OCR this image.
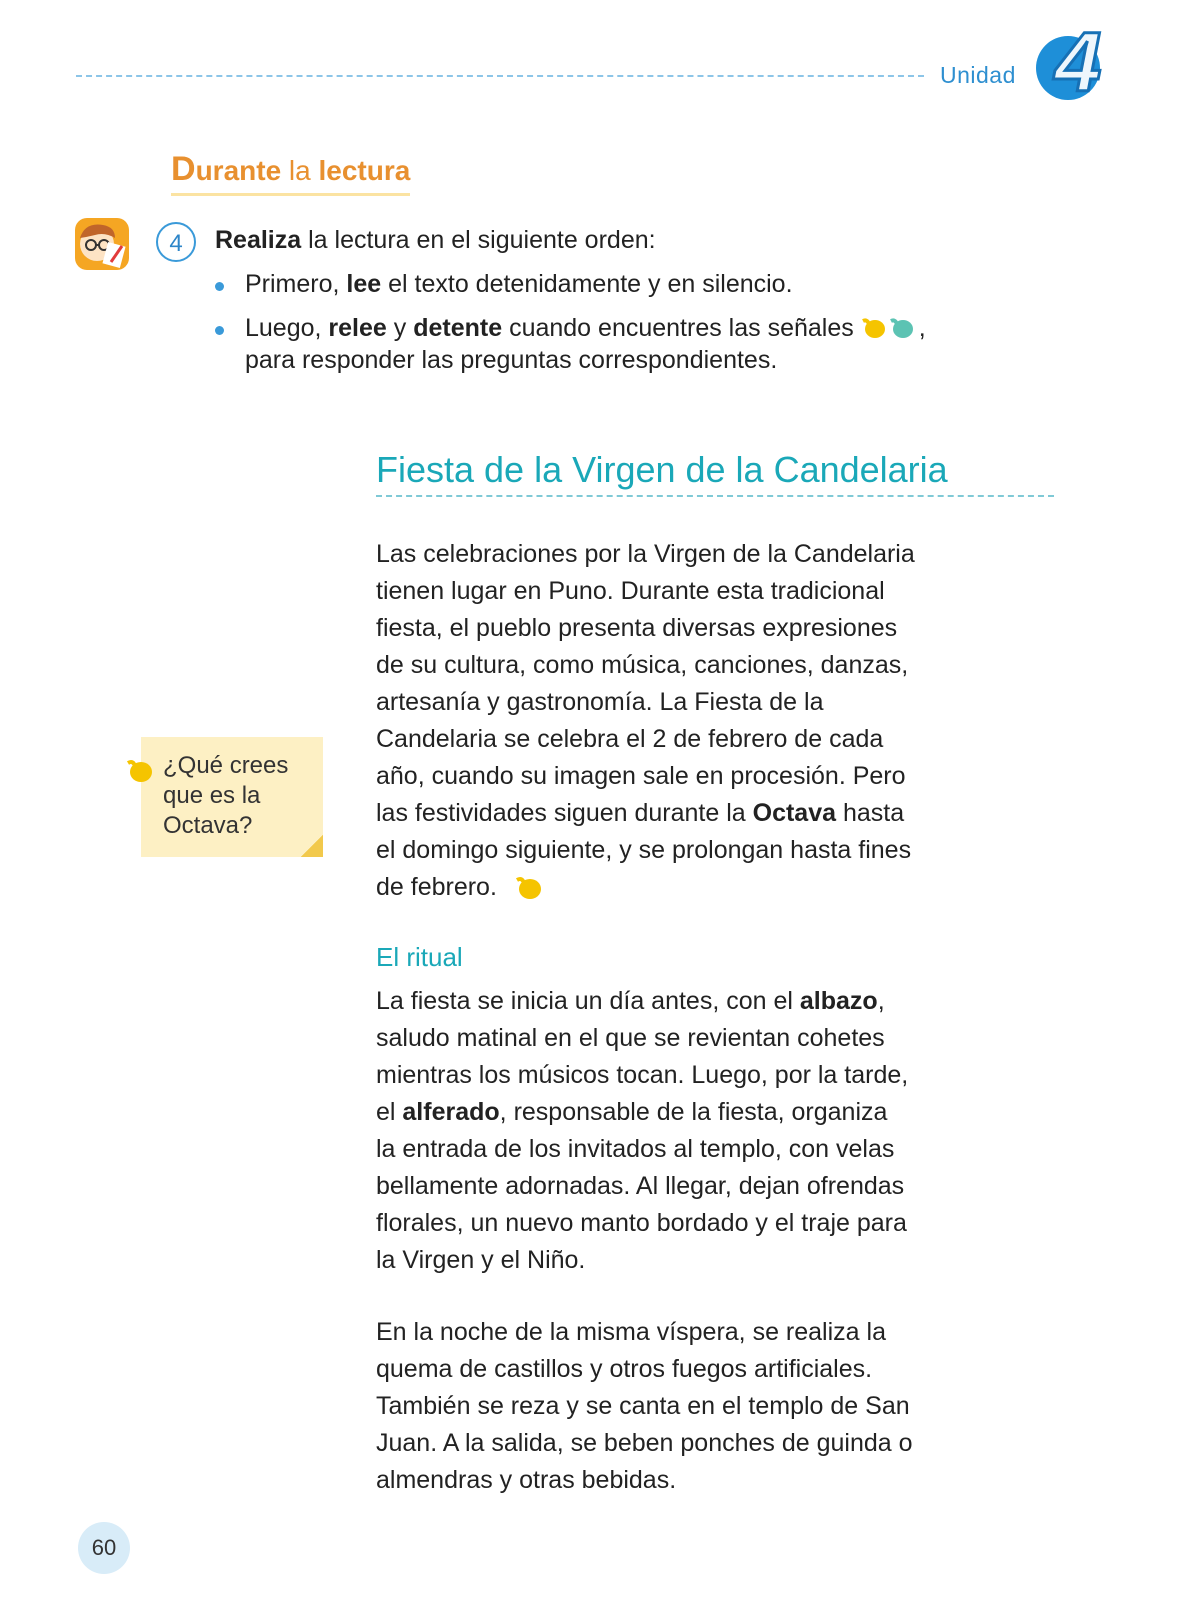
Unidad 4
Durante la lectura
4	Realiza la lectura en el siguiente orden:
Primero, lee el texto detenidamente y en silencio.
Luego, relee y detente cuando encuentres las señales	,
para responder las preguntas correspondientes.
Fiesta de la Virgen de la Candelaria
Las celebraciones por la Virgen de la Candelaria
tienen lugar en Puno. Durante esta tradicional
fiesta, el pueblo presenta diversas expresiones
de su cultura, como música, canciones, danzas,
artesanía y gastronomía. La Fiesta de la
Candelaria se celebra el 2 de febrero de cada
año, cuando su imagen sale en procesión. Pero
las festividades siguen durante la Octava hasta
el domingo siguiente, y se prolongan hasta fines
de febrero.
El ritual
La fiesta se inicia un día antes, con el albazo,
saludo matinal en el que se revientan cohetes
mientras los músicos tocan. Luego, por la tarde,
el alferado, responsable de la fiesta, organiza
la entrada de los invitados al templo, con velas
bellamente adornadas. Al llegar, dejan ofrendas
florales, un nuevo manto bordado y el traje para
la Virgen y el Niño.
En la noche de la misma víspera, se realiza la
quema de castillos y otros fuegos artificiales.
También se reza y se canta en el templo de San
Juan. A la salida, se beben ponches de guinda o
almendras y otras bebidas.
¿Qué crees
que es la
Octava?
60
